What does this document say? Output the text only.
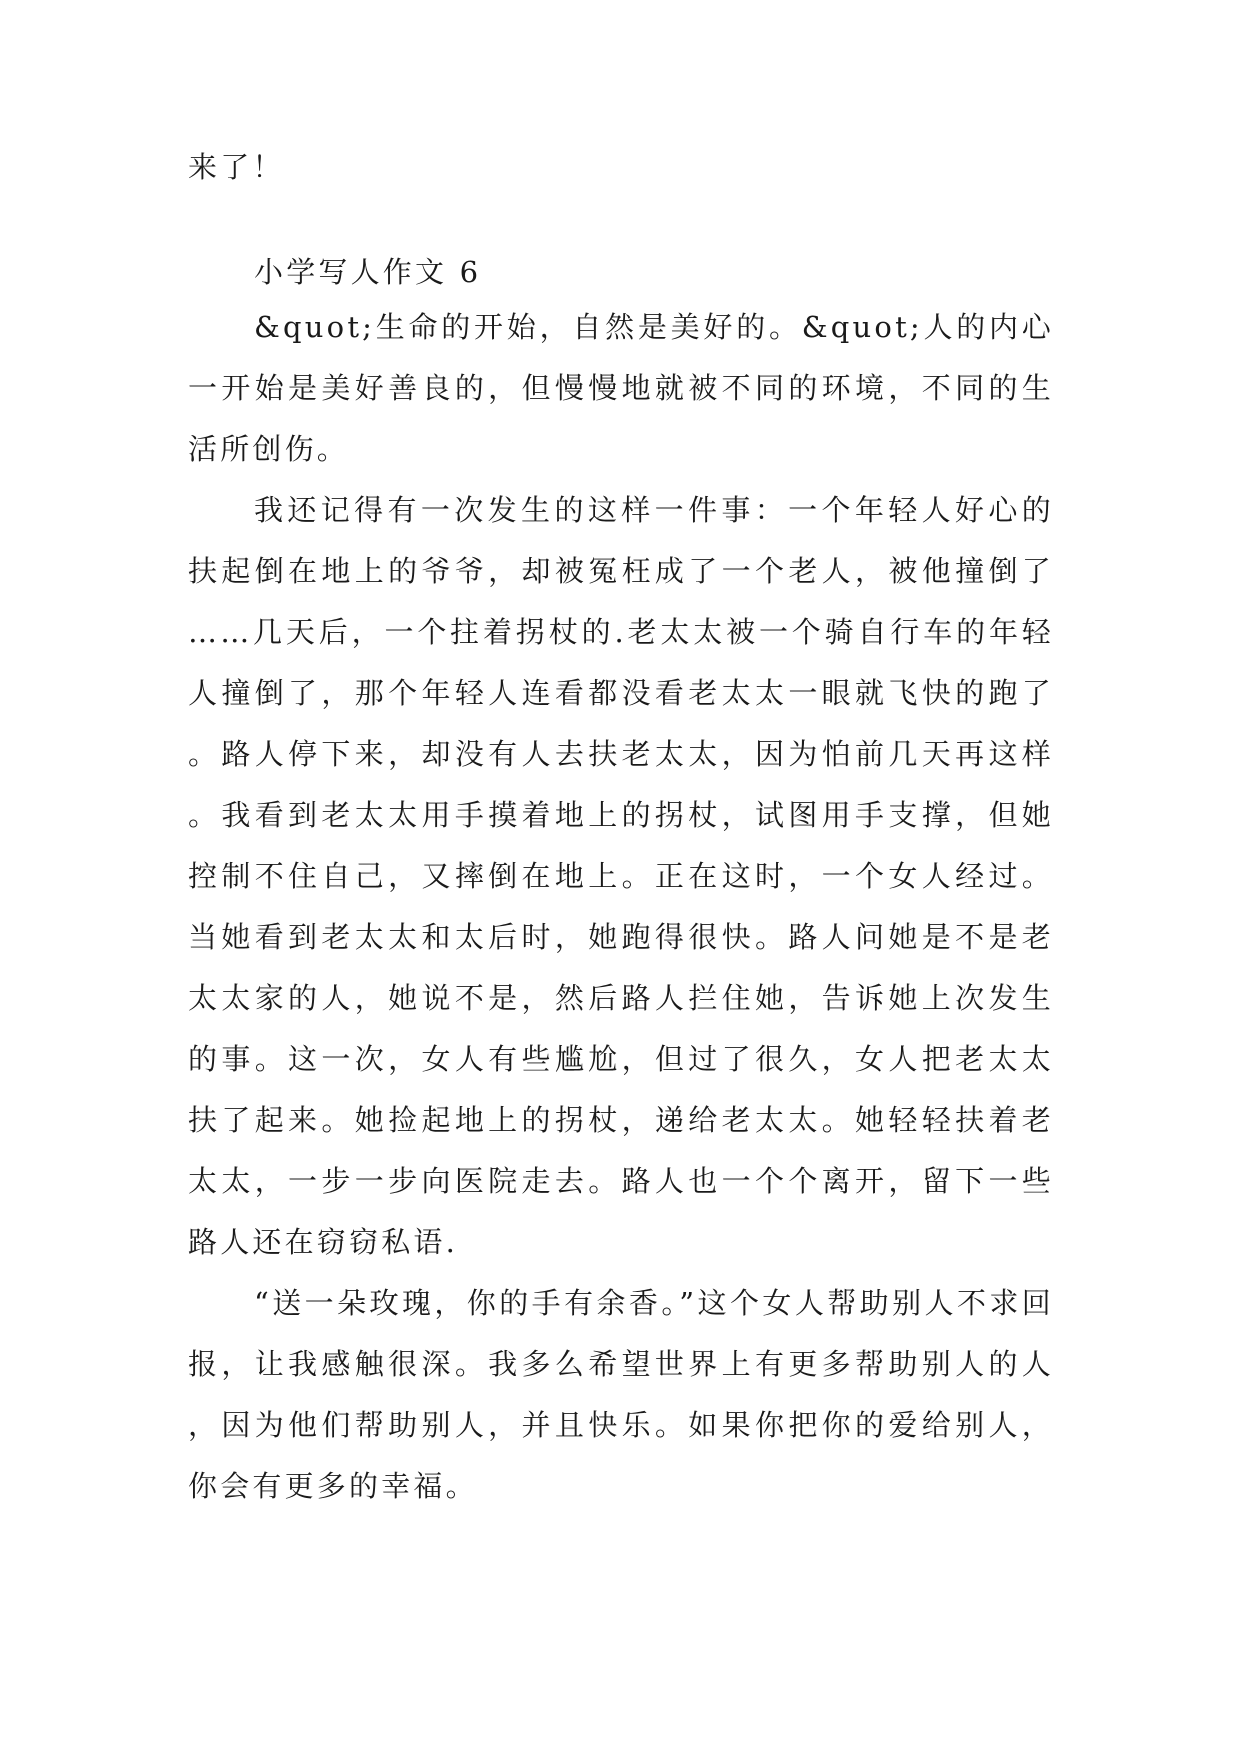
来了！

小学写人作文 6

&quot;生命的开始，自然是美好的。&quot;人的内心一开始是美好善良的，但慢慢地就被不同的环境，不同的生活所创伤。

我还记得有一次发生的这样一件事：一个年轻人好心的扶起倒在地上的爷爷，却被冤枉成了一个老人，被他撞倒了……几天后，一个拄着拐杖的.老太太被一个骑自行车的年轻人撞倒了，那个年轻人连看都没看老太太一眼就飞快的跑了。路人停下来，却没有人去扶老太太，因为怕前几天再这样。我看到老太太用手摸着地上的拐杖，试图用手支撑，但她控制不住自己，又摔倒在地上。正在这时，一个女人经过。当她看到老太太和太后时，她跑得很快。路人问她是不是老太太家的人，她说不是，然后路人拦住她，告诉她上次发生的事。这一次，女人有些尴尬，但过了很久，女人把老太太扶了起来。她捡起地上的拐杖，递给老太太。她轻轻扶着老太太，一步一步向医院走去。路人也一个个离开，留下一些路人还在窃窃私语.

“送一朵玫瑰，你的手有余香。”这个女人帮助别人不求回报，让我感触很深。我多么希望世界上有更多帮助别人的人，因为他们帮助别人，并且快乐。如果你把你的爱给别人，你会有更多的幸福。
